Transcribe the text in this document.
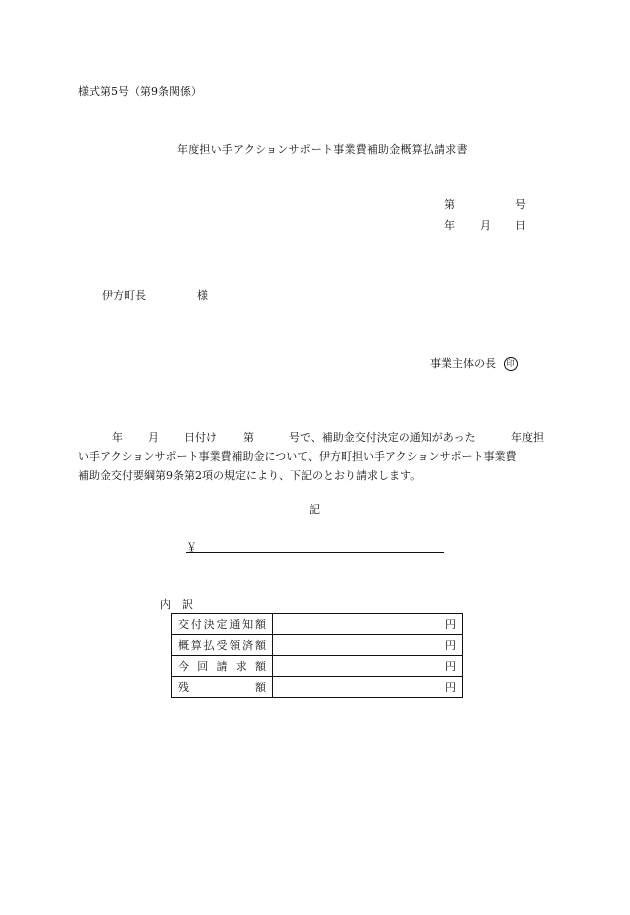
様式第5号（第9条関係）
年度担い手アクションサポート事業費補助金概算払請求書
第	号
年 月 日
伊方町長	様
事業主体の長 印
年 月 日付け 第	号で、補助金交付決定の通知があった	年度担
い手アクションサポート事業費補助金について、伊方町担い手アクションサポート事業費
補助金交付要綱第9条第2項の規定により、下記のとおり請求します。
記
￥
内　訳
交付決定通知額	円
概算払受領済額	円
今回請求額	円
残額	円
